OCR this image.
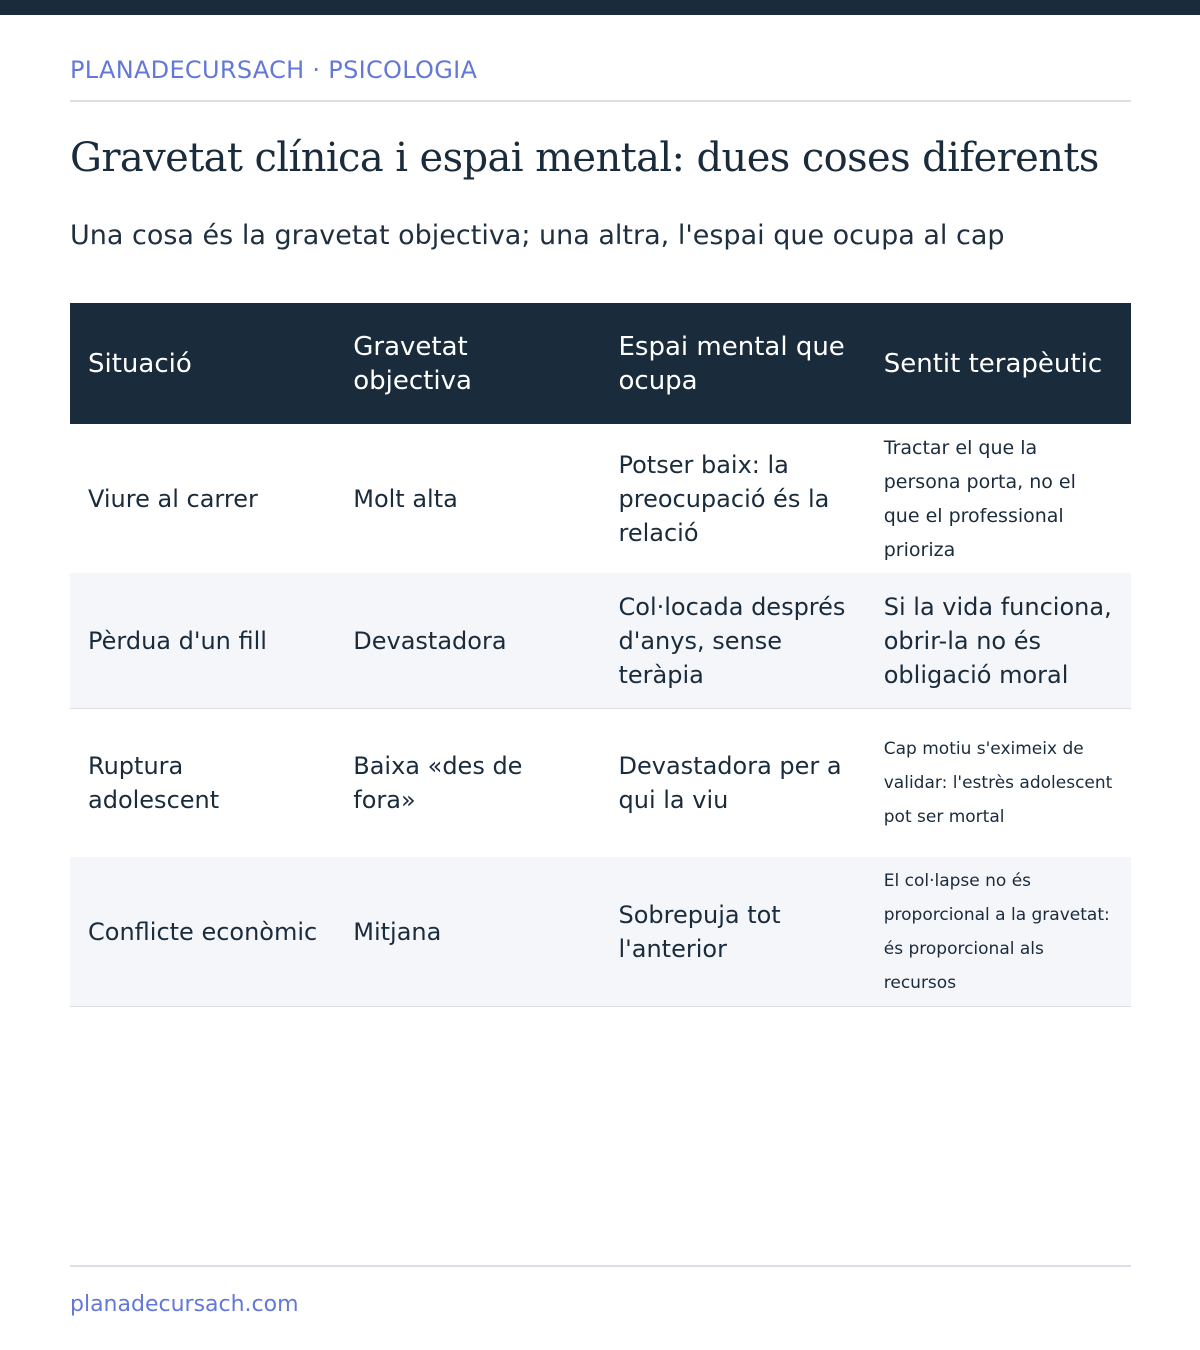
PLANADECURSACH · PSICOLOGIA
Gravetat clínica i espai mental: dues coses diferents
Una cosa és la gravetat objectiva; una altra, l'espai que ocupa al cap
Situació	Gravetat objectiva	Espai mental que ocupa	Sentit terapèutic
Viure al carrer	Molt alta	Potser baix: la preocupació és la relació	Tractar el que la persona porta, no el que el professional prioriza
Pèrdua d'un fill	Devastadora	Col·locada després d'anys, sense teràpia	Si la vida funciona, obrir-la no és obligació moral
Ruptura adolescent	Baixa «des de fora»	Devastadora per a qui la viu	Cap motiu s'eximeix de validar: l'estrès adolescent pot ser mortal
Conflicte econòmic	Mitjana	Sobrepuja tot l'anterior	El col·lapse no és proporcional a la gravetat: és proporcional als recursos
planadecursach.com
